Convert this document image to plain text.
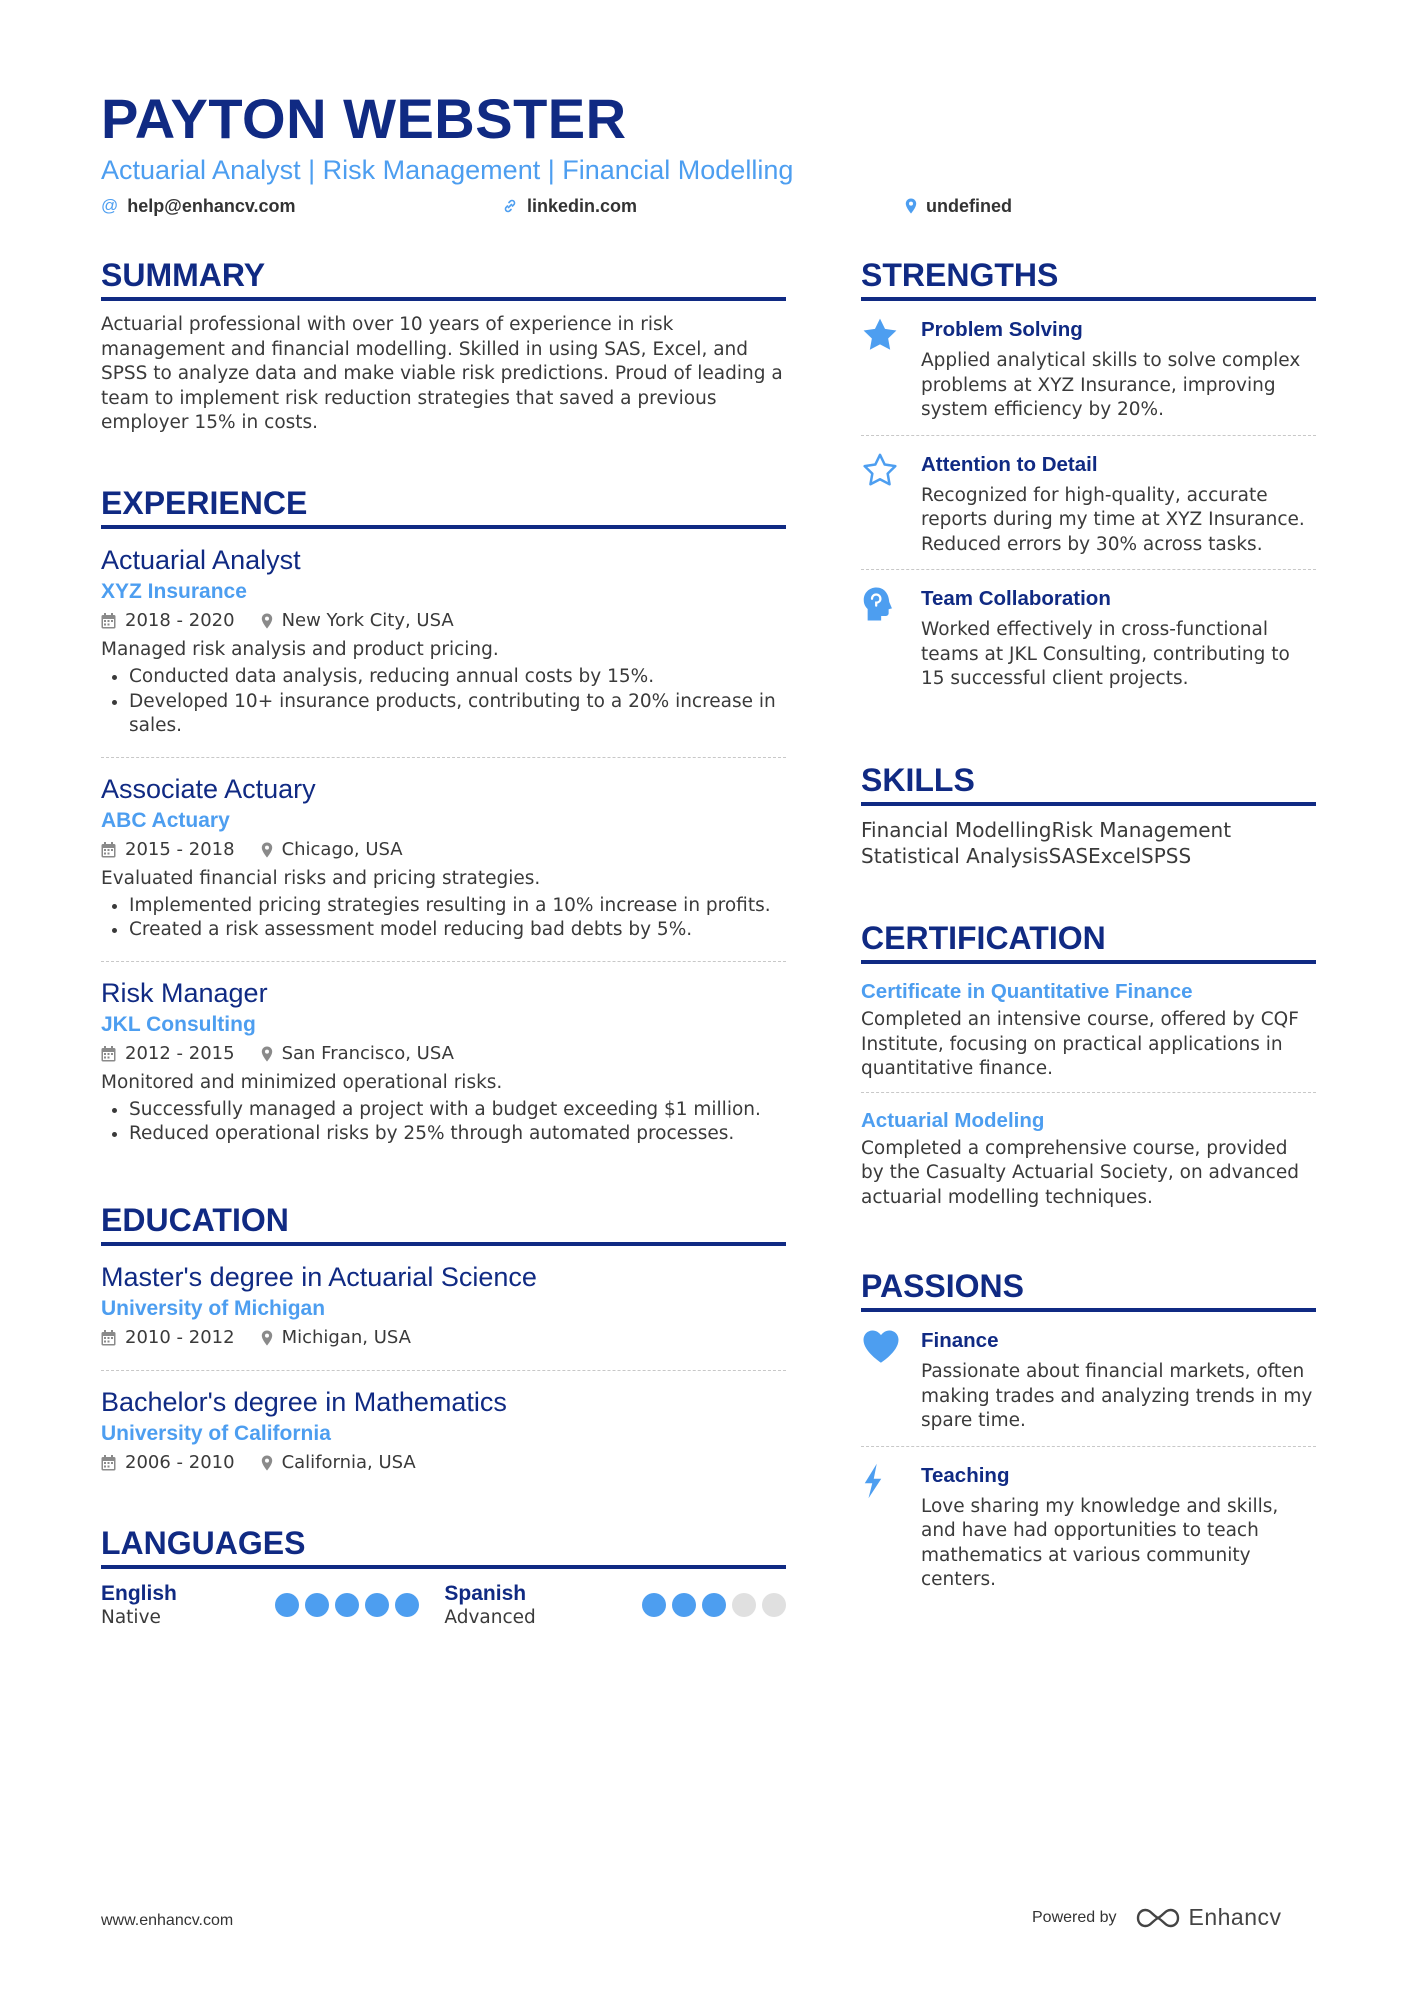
PAYTON WEBSTER
Actuarial Analyst | Risk Management | Financial Modelling
@ help@enhancv.com	linkedin.com	undefined
SUMMARY
Actuarial professional with over 10 years of experience in risk management and financial modelling. Skilled in using SAS, Excel, and SPSS to analyze data and make viable risk predictions. Proud of leading a team to implement risk reduction strategies that saved a previous employer 15% in costs.
EXPERIENCE
Actuarial Analyst
XYZ Insurance
2018 - 2020	New York City, USA
Managed risk analysis and product pricing.
• Conducted data analysis, reducing annual costs by 15%.
• Developed 10+ insurance products, contributing to a 20% increase in sales.
Associate Actuary
ABC Actuary
2015 - 2018	Chicago, USA
Evaluated financial risks and pricing strategies.
• Implemented pricing strategies resulting in a 10% increase in profits.
• Created a risk assessment model reducing bad debts by 5%.
Risk Manager
JKL Consulting
2012 - 2015	San Francisco, USA
Monitored and minimized operational risks.
• Successfully managed a project with a budget exceeding $1 million.
• Reduced operational risks by 25% through automated processes.
EDUCATION
Master's degree in Actuarial Science
University of Michigan
2010 - 2012	Michigan, USA
Bachelor's degree in Mathematics
University of California
2006 - 2010	California, USA
LANGUAGES
English
Native
Spanish
Advanced
STRENGTHS
Problem Solving
Applied analytical skills to solve complex problems at XYZ Insurance, improving system efficiency by 20%.
Attention to Detail
Recognized for high-quality, accurate reports during my time at XYZ Insurance. Reduced errors by 30% across tasks.
Team Collaboration
Worked effectively in cross-functional teams at JKL Consulting, contributing to 15 successful client projects.
SKILLS
Financial ModellingRisk Management
Statistical AnalysisSASExcelSPSS
CERTIFICATION
Certificate in Quantitative Finance
Completed an intensive course, offered by CQF Institute, focusing on practical applications in quantitative finance.
Actuarial Modeling
Completed a comprehensive course, provided by the Casualty Actuarial Society, on advanced actuarial modelling techniques.
PASSIONS
Finance
Passionate about financial markets, often making trades and analyzing trends in my spare time.
Teaching
Love sharing my knowledge and skills, and have had opportunities to teach mathematics at various community centers.
www.enhancv.com	Powered by	Enhancv
